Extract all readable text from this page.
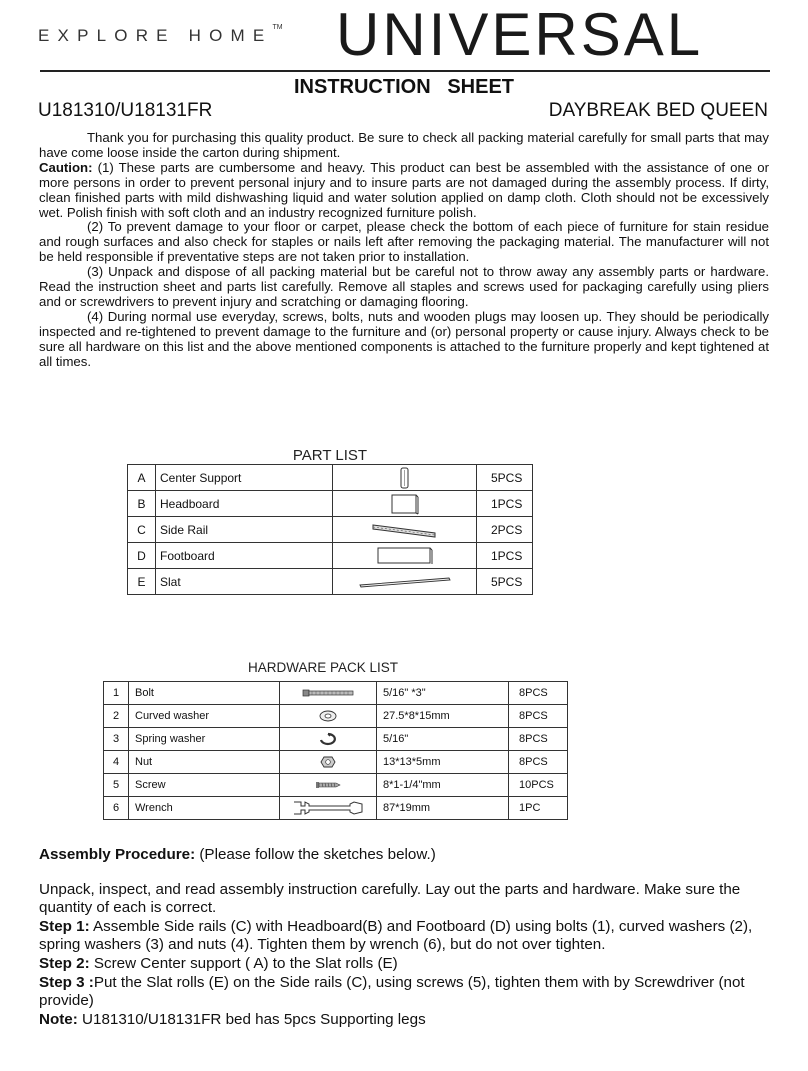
EXPLORE HOME™ UNIVERSAL
INSTRUCTION   SHEET
U181310/U18131FR	DAYBREAK BED QUEEN

Thank you for purchasing this quality product. Be sure to check all packing material carefully for small parts that may have come loose inside the carton during shipment.

Caution: (1) These parts are cumbersome and heavy. This product can best be assembled with the assistance of one or more persons in order to prevent personal injury and to insure parts are not damaged during the assembly process. If dirty, clean finished parts with mild dishwashing liquid and water solution applied on damp cloth. Cloth should not be excessively wet. Polish finish with soft cloth and an industry recognized furniture polish.

(2) To prevent damage to your floor or carpet, please check the bottom of each piece of furniture for stain residue and rough surfaces and also check for staples or nails left after removing the packaging material. The manufacturer will not be held responsible if preventative steps are not taken prior to installation.

(3) Unpack and dispose of all packing material but be careful not to throw away any assembly parts or hardware. Read the instruction sheet and parts list carefully. Remove all staples and screws used for packaging carefully using pliers and or screwdrivers to prevent injury and scratching or damaging flooring.

(4) During normal use everyday, screws, bolts, nuts and wooden plugs may loosen up. They should be periodically inspected and re-tightened to prevent damage to the furniture and (or) personal property or cause injury. Always check to be sure all hardware on this list and the above mentioned components is attached to the furniture properly and kept tightened at all times.

PART LIST
A	Center Support		5PCS
B	Headboard		1PCS
C	Side Rail		2PCS
D	Footboard		1PCS
E	Slat		5PCS
HARDWARE PACK LIST
1	Bolt		5/16" *3"	8PCS
2	Curved washer		27.5*8*15mm	8PCS
3	Spring washer		5/16"	8PCS
4	Nut		13*13*5mm	8PCS
5	Screw		8*1-1/4"mm	10PCS
6	Wrench		87*19mm	1PC

Assembly Procedure: (Please follow the sketches below.)

Unpack, inspect, and read assembly instruction carefully. Lay out the parts and hardware. Make sure the quantity of each is correct.

Step 1: Assemble Side rails (C) with Headboard(B) and Footboard (D) using bolts (1), curved washers (2), spring washers (3) and nuts (4). Tighten them by wrench (6), but do not over tighten.

Step 2: Screw Center support ( A) to the Slat rolls (E)

Step 3 :Put the Slat rolls (E) on the Side rails (C), using screws (5), tighten them with by Screwdriver (not provide)

Note: U181310/U18131FR bed has 5pcs Supporting legs
